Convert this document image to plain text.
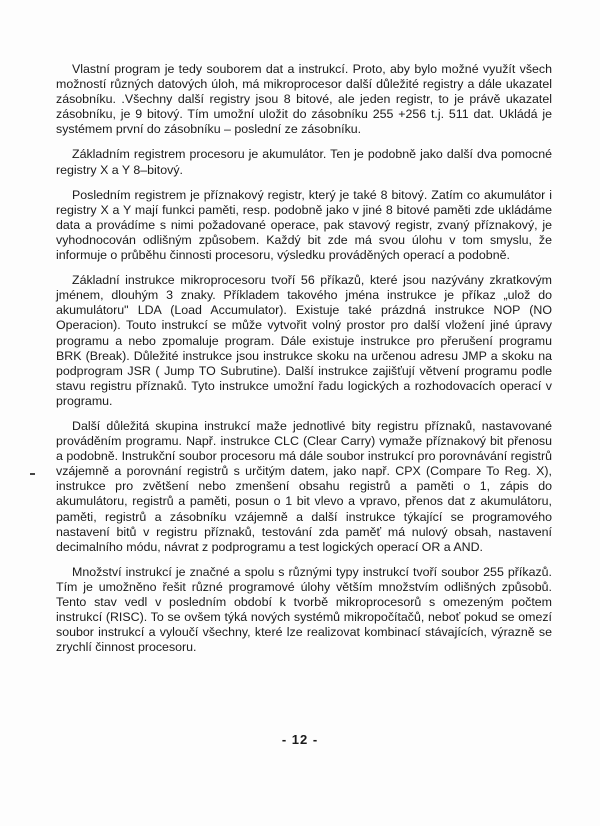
Vlastní program je tedy souborem dat a instrukcí. Proto, aby bylo možné využít všech možností různých datových úloh, má mikroprocesor další důležité registry a dále ukazatel zásobníku. .Všechny další registry jsou 8 bitové, ale jeden registr, to je právě ukazatel zásobníku, je 9 bitový. Tím umožní uložit do zásobníku 255 +256 t.j. 511 dat. Ukládá je systémem první do zásobníku – poslední ze zásobníku.

Základním registrem procesoru je akumulátor. Ten je podobně jako další dva pomocné registry X a Y 8–bitový.

Posledním registrem je příznakový registr, který je také 8 bitový. Zatím co akumulátor i registry X a Y mají funkci paměti, resp. podobně jako v jiné 8 bitové paměti zde ukládáme data a provádíme s nimi požadované operace, pak stavový registr, zvaný příznakový, je vyhodnocován odlišným způsobem. Každý bit zde má svou úlohu v tom smyslu, že informuje o průběhu činnosti procesoru, výsledku prováděných operací a podobně.

Základní instrukce mikroprocesoru tvoří 56 příkazů, které jsou nazývány zkratkovým jménem, dlouhým 3 znaky. Příkladem takového jména instrukce je příkaz „ulož do akumulátoru" LDA (Load Accumulator). Existuje také prázdná instrukce NOP (NO Operacion). Touto instrukcí se může vytvořit volný prostor pro další vložení jiné úpravy programu a nebo zpomaluje program. Dále existuje instrukce pro přerušení programu BRK (Break). Důležité instrukce jsou instrukce skoku na určenou adresu JMP a skoku na podprogram JSR ( Jump TO Subrutine). Další instrukce zajišťují větvení programu podle stavu registru příznaků. Tyto instrukce umožní řadu logických a rozhodovacích operací v programu.

Další důležitá skupina instrukcí maže jednotlivé bity registru příznaků, nastavované prováděním programu. Např. instrukce CLC (Clear Carry) vymaže příznakový bit přenosu a podobně. Instrukční soubor procesoru má dále soubor instrukcí pro porovnávání registrů vzájemně a porovnání registrů s určitým datem, jako např. CPX (Compare To Reg. X), instrukce pro zvětšení nebo zmenšení obsahu registrů a paměti o 1, zápis do akumulátoru, registrů a paměti, posun o 1 bit vlevo a vpravo, přenos dat z akumulátoru, paměti, registrů a zásobníku vzájemně a další instrukce týkající se programového nastavení bitů v registru příznaků, testování zda paměť má nulový obsah, nastavení decimalního módu, návrat z podprogramu a test logických operací OR a AND.

Množství instrukcí je značné a spolu s různými typy instrukcí tvoří soubor 255 příkazů. Tím je umožněno řešit různé programové úlohy větším množstvím odlišných způsobů. Tento stav vedl v posledním období k tvorbě mikroprocesorů s omezeným počtem instrukcí (RISC). To se ovšem týká nových systémů mikropočítačů, neboť pokud se omezí soubor instrukcí a vyloučí všechny, které lze realizovat kombinací stávajících, výrazně se zrychlí činnost procesoru.

- 12 -
